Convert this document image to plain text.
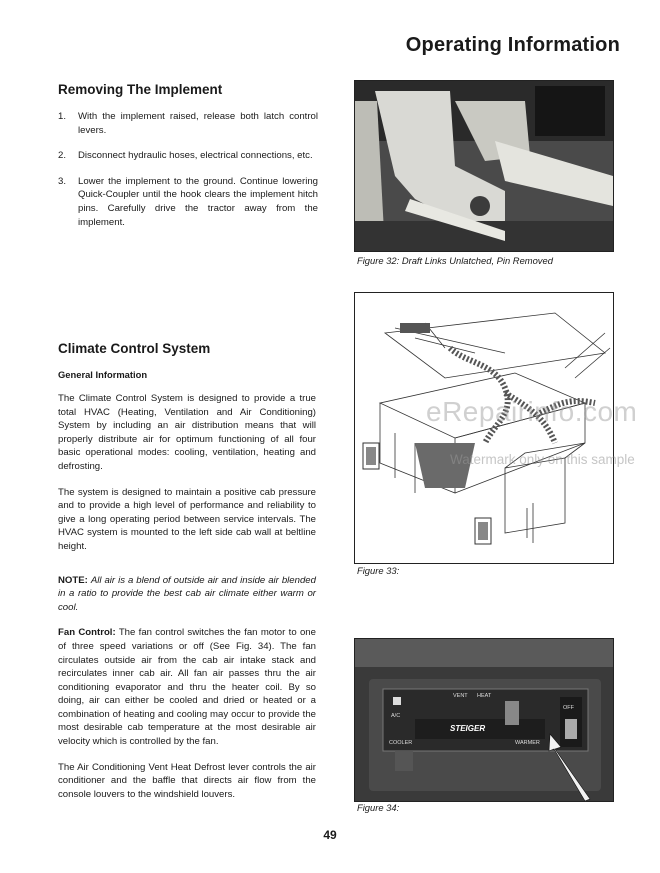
Operating Information
Removing The Implement
1.	With the implement raised, release both latch control levers.
2.	Disconnect hydraulic hoses, electrical connections, etc.
3.	Lower the implement to the ground. Continue lowering Quick-Coupler until the hook clears the implement hitch pins. Carefully drive the tractor away from the implement.
Figure 32: Draft Links Unlatched, Pin Removed
Figure 33:
eRepairinfo.com
Watermark only on this sample
Climate Control System
General Information

The Climate Control System is designed to provide a true total HVAC (Heating, Ventilation and Air Conditioning) System by including an air distribution means that will properly distribute air for optimum functioning of all four basic operational modes: cooling, ventilation, heating and defrosting.

The system is designed to maintain a positive cab pressure and to provide a high level of performance and reliability to give a long operating period between service intervals. The HVAC system is mounted to the left side cab wall at beltline height.

NOTE: All air is a blend of outside air and inside air blended in a ratio to provide the best cab air climate either warm or cool.

Fan Control: The fan control switches the fan motor to one of three speed variations or off (See Fig. 34). The fan circulates outside air from the cab air intake stack and recirculates inner cab air. All fan air passes thru the air conditioning evaporator and thru the heater coil. By so doing, air can either be cooled and dried or heated or a combination of heating and cooling may occur to provide the most desirable cab temperature at the most desirable air velocity which is controlled by the fan.

The Air Conditioning Vent Heat Defrost lever controls the air conditioner and the baffle that directs air flow from the console louvers to the windshield louvers.

VENT HEAT
A/C
STEIGER
COOLER	WARMER
OFF
Figure 34:
49
